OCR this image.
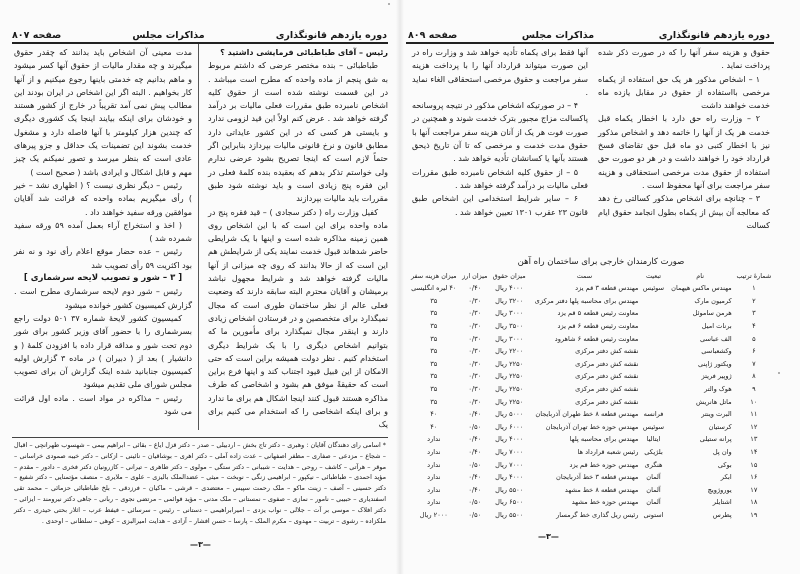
دوره یازدهم قانونگذاری
مذاکرات مجلس
صفحه ۸۰۷

رئیس – آقای طباطبائی فرمایشی داشتید ؟

طباطبائی – بنده مختصر عرضی که داشتم مربوط به شق پنجم از ماده واحده که مطرح است میباشد . در این قسمت نوشته شده است از حقوق کلیه اشخاص نامبرده طبق مقررات فعلی مالیات بر درآمد گرفته خواهد شد . عرض کنم اولاً این قید لزومی ندارد و بایستی هر کسی که در این کشور عایداتی دارد مطابق قانون و نرخ قانونی مالیات بپردازد بنابراین اگر حتماً لازم است که اینجا تصریح بشود عرضی ندارم ولی خواستم تذکر بدهم که بعقیده بنده کلمهٔ فعلی در این فقره پنج زیادی است و باید نوشته شود طبق مقررات باید مالیات بپردازند

کفیل وزارت راه ( دکتر سجادی ) – قید فقره پنج در ماده واحده برای این است که با این اشخاص روی همین زمینه مذاکره شده است و اینها با یک شرایطی حاضر شدهاند قبول خدمت نمایند یکی از شرایطش هم این است که از حالا بدانند که روی چه میزانی از آنها مالیات گرفته خواهد شد و شرایط مجهول نباشد برمیشان و آقایان محترم البته سابقه دارند که وضعیت فعلی عالم از نظر ساختمان طوری است که مجال نمیگذارد برای متخصصین و در فرستادن اشخاص زیادی دارند و اینقدر مجال نمیگذارد برای مأمورین ما که بتوانیم اشخاص دیگری را با یک شرایط دیگری استخدام کنیم . نظر دولت همیشه براین است که حتی الامکان از این قبیل قیود اجتناب کند و اینها فرع براین است که حقیقةً موفق هم بشود و اشخاصی که طرف مذاکره هستند قبول کنند اینجا اشکال هم برای ما ندارد و برای اینکه اشخاصی را که استخدام می کنیم برای یک

مدت معینی آن اشخاص باید بدانند که چقدر حقوق میگیرند و چه مقدار مالیات از حقوق آنها کسر میشود و ماهم بدانیم چه خدمتی باینها رجوع میکنیم و از آنها کار بخواهیم . البته اگر این اشخاص در ایران بودند این مطالب پیش نمی آمد تقریباً در خارج از کشور هستند و خودشان برای اینکه بیایند اینجا یک کشوری دیگری که چندین هزار کیلومتر با آنها فاصله دارد و مشغول خدمت بشوند این تضمینات یک حداقل و جزو پیرهای عادی است که بنظر میرسد و تصور نمیکنم یک چیز مهم و قابل اشکال و ایرادی باشد ( صحیح است )

رئیس – دیگر نظری نیست ؟ ( اظهاری نشد – خیر ) رأی میگیریم بماده واحده که قرائت شد آقایان موافقین ورقه سفید خواهند داد .

( اخذ و استخراج آراء بعمل آمده ۵۹ ورقه سفید شمرده شد )

رئیس – عده حضار موقع اعلام رأی نود و نه نفر بود اکثریت ۵۹ رأی تصویب شد

[ ۳ – شور و تصویب لایحه سرشماری ]

رئیس – شور دوم لایحه سرشماری مطرح است . گزارش کمیسیون کشور خوانده میشود

کمیسیون کشور لایحهٔ شماره ۳۷ ۵۰۱ دولت راجع بسرشماری را با حضور آقای وزیر کشور برای شور دوم تحت شور و مداقه قرار داده با افزودن کلمهٔ ( و دانشیار ) بعد از ( دبیران ) در ماده ۳ گزارش اولیه کمیسیون جنابانید شده اینک گزارش آن برای تصویب مجلس شورای ملی تقدیم میشود

رئیس – مذاکره در مواد است . ماده اول قرائت می شود

* اسامی رای دهندگان آقایان : وهبری – دکتر تاج بخش – اردبیلی – صدر – دکتر قزل ایاغ – بقائی – ابراهیم بیمی – شهسوب طهرانچی – اقبال – شجاع – مزدعی – صفاری – مظفر اصفهانی – عدت زاده آملی – دکتر اهری – بوشاقیان – نائینی – ازکانی – دکتر خیبه صمودی خراسانی – موقر – هرآتی – کاشف – روحی – هدایت – شیبانی – دکتر ستگی – مولوی – دکتر طاهری – تیرانی – کازرونیان دکتر فخری – دادور – مقدم – مؤید احمدی – طباطبائی – نیکپور – ابراهیمی زنگی – نوبخت – میثی – عضدالملک بالیزی – علوی – ملایری – منصف مؤتمنایی – دکتر شفیع – دکتر حسینی – آصف – زینت ماکو – ملک رحمت سپیس – معتضدی – قرشی – ماکیان – فرزدقی – بلخ طباطبائی حزمائی – محمد تقی اسفندیاری – حبیبی – نامور – نمازی – صفوی – نمستانی – ملک مدنی – مؤید فوائمی – مرتضی نجوی – ربانی – جاهی دکتر نیرومند – ایزائی – دکتر افلاک – موسی بر آت – جلالی – نواب یزدی – امیرابراهیمی – دستانی – رئیس – سرسائی – فیفط عرب – اثلار بحتی حیدری – دکتر ملکزاده – رشوی – تربیت – مهدوی – مکرم الملک – پارسا – حسن افشار – آزادی – هدایت امیرالبزی – کوهی – سلطانی – اوحدی .
—۳—
دوره یازدهم قانونگذاری
مذاکرات مجلس
صفحه ۸۰۹

حقوق و هزینه سفر آنها را که در صورت ذکر شده پرداخت نماید .

۱ – اشخاص مذکور هر یک حق استفاده از یکماه مرخصی بااستفاده از حقوق در مقابل یازده ماه خدمت خواهند داشت

۲ – وزارت راه حق دارد با اخطار یکماه قبل خدمت هر یک از آنها را خاتمه دهد و اشخاص مذکور نیز با اخطار کتبی دو ماه قبل حق تقاضای فسخ قرارداد خود را خواهند داشت و در هر دو صورت حق استفاده از حقوق مدت مرخصی استحقاقی و هزینه سفر مراجعت برای آنها محفوظ است .

۳ – چنانچه برای اشخاص مذکور کسالتی رخ دهد که معالجه آن بیش از یکماه بطول انجامد حقوق ایام کسالت

آنها فقط برای یکماه تأدیه خواهد شد و وزارت راه در این صورت میتواند قرارداد آنها را با پرداخت هزینه سفر مراجعت و حقوق مرخصی استحقاقی الغاء نماید .

۴ – در صورتیکه اشخاص مذکور در نتیجه پروسانحه پاکسالت مزاج مجبور بترک خدمت شوند و همچنین در صورت فوت هر یک از آنان هزینه سفر مراجعت آنها با حقوق مدت خدمت و مرخصی که تا آن تاریخ ذیحق هستند بآنها یا کسانشان تأدیه خواهد شد .

۵ – از حقوق کلیه اشخاص نامبرده طبق مقررات فعلی مالیات بر درآمد گرفته خواهد شد .

۶ – سایر شرایط استخدامی این اشخاص طبق قانون ۲۳ عقرب ۱۳۰۱ تعیین خواهد شد .

صورت کارمندان خارجی برای ساختمان راه آهن
شمارهٔ ترتیب	نام	تبعیت	سمت	میزان حقوق	میزان ارز	میزان هزینه سفر
۱	مهندس ماکس هیهمان	سوئیس	مهندس قطعه ۳ قم یزد	۴۰۰۰ ریال	۰/۴۰	۴۰ لیره انگلیسی
۲	کرمیون مارک		مهندس برای محاسبه پلها دفتر مرکزی	۳۲۰۰ ریال	۰/۳۰	۳۵
۳	هرمن ساموئل		معاونت رئیس قطعه ۵ قم یزد	۳۰۰۰ ریال	۰/۳۰	۳۵
۴	برنات امیل		معاونت رئیس قطعه ۶ قم یزد	۳۵۰۰ ریال	۰/۳۰	۳۵
۵	الف عباسی		معاونت رئیس قطعه ۶ شاهرود	۳۰۰۰ ریال	۰/۳۰	۳۵
۶	وکشعباسی		نقشه کش دفتر مرکزی	۲۲۰۰ ریال	۰/۳۰	۳۵
۷	ویکتور ژاپنی		نقشه کش دفتر مرکزی	۲۲۵۰ ریال	۰/۳۰	۳۵
۸	ژوپیر فریتز		نقشه کش دفتر مرکزی	۲۲۵۰ ریال	۰/۳۰	۳۵
۹	هوک والتر		نقشه کش دفتر مرکزی	۲۲۵۰ ریال	۰/۳۰	۳۵
۱۰	ماتل هانریش		نقشه کش دفتر مرکزی	۲۲۵۰ ریال	۰/۳۰	۳۵
۱۱	البرت وینتر	فرانسه	مهندس قطعه ۸ خط طهران آذربایجان	۵۰۰۰ ریال	۰/۴۰	۴۰
۱۲	کرستیان	سوئیس	مهندس حوزه خط تهران آذربایجان	۶۰۰۰ ریال	۰/۵۰	۴۰
۱۳	پرانه ستیلی	ایتالیا	مهندس برای محاسبه پلها	۴۰۰۰ ریال	۰/۴۰	ندارد
۱۴	وان پل	بلژیکی	رئیس شعبه قرارداد ها	۷۰۰۰ ریال	۰/۴۰	ندارد
۱۵	بوکی	هنگری	مهندس حوزه خط قم یزد	۷۰۰۰ ریال	۰/۵۰	ندارد
۱۶	ابکر	آلمان	مهندس قطعه ۳ خط آذربایجان	۴۰۰۰ ریال	۰/۴۰	ندارد
۱۷	یوروژویچ	آلمان	مهندس قطعه ۸ خط مشهد	۵۵۰۰ ریال	۰/۴۰	ندارد
۱۸	اشتایلر	آلمان	مهندس حوزه خط مشهد	۶۵۰۰ ریال	۰/۵۰	ندارد
۱۹	پطرس	استونی	رئیس ریل گذاری خط گرمسار	۵۵۰۰ ریال	۰/۵۰	۲۰۰۰ ریال
—۳—
